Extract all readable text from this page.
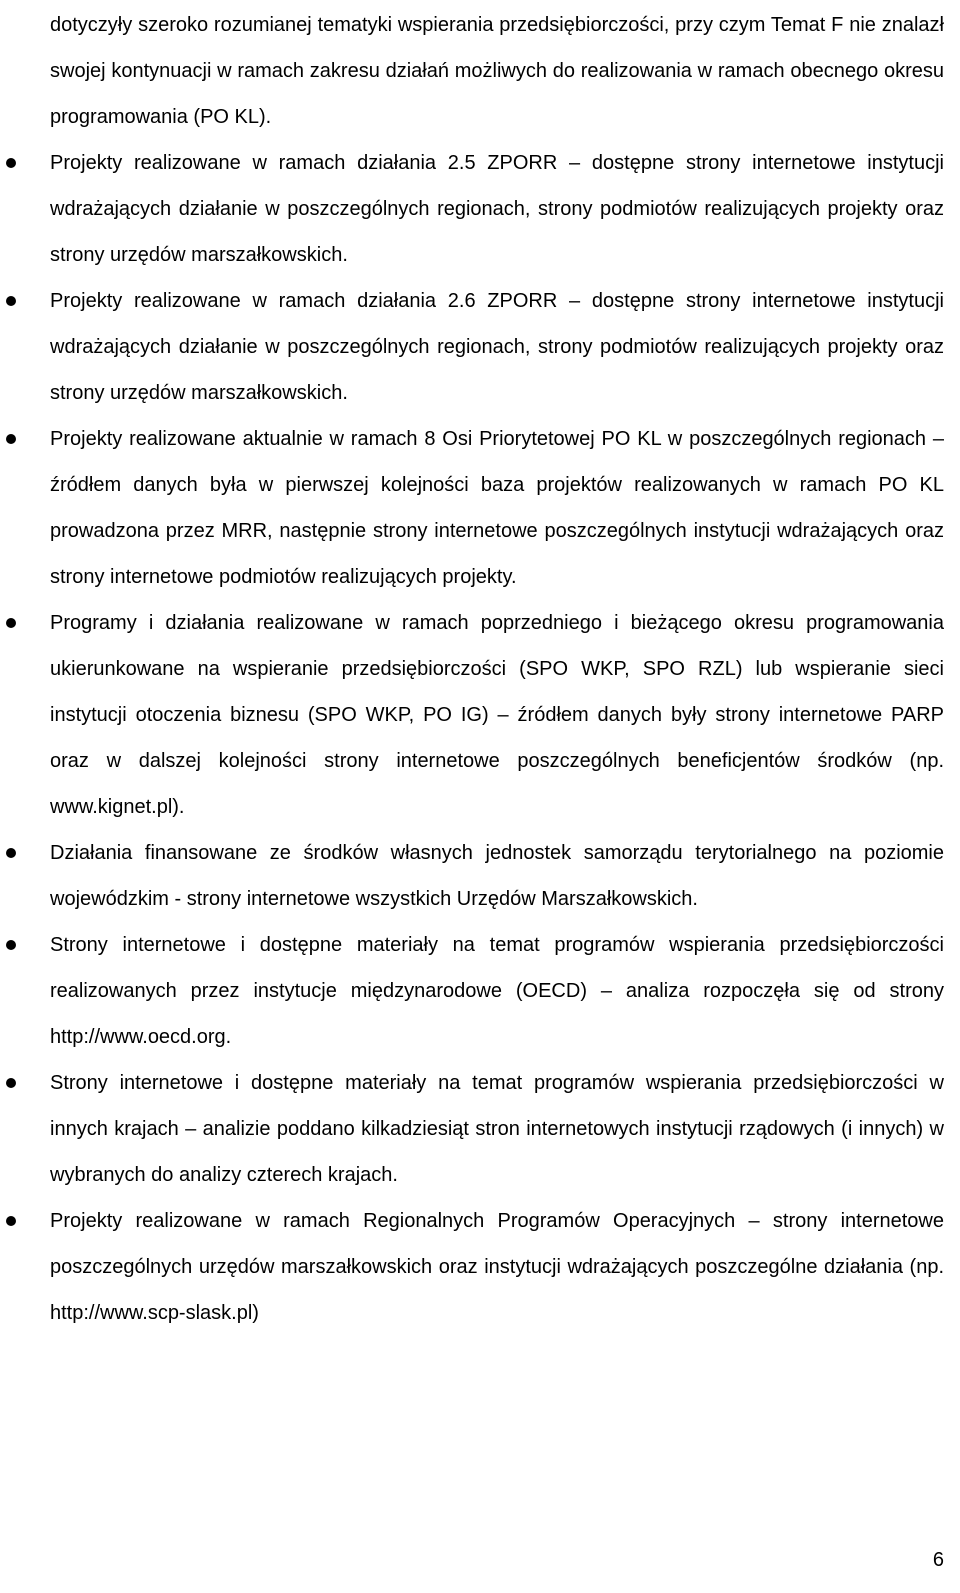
dotyczyły szeroko rozumianej tematyki wspierania przedsiębiorczości, przy czym Temat F nie znalazł swojej kontynuacji w ramach zakresu działań możliwych do realizowania w ramach obecnego okresu programowania (PO KL).

Projekty realizowane w ramach działania 2.5 ZPORR – dostępne strony internetowe instytucji wdrażających działanie w poszczególnych regionach, strony podmiotów realizujących projekty oraz strony urzędów marszałkowskich.
Projekty realizowane w ramach działania 2.6 ZPORR – dostępne strony internetowe instytucji wdrażających działanie w poszczególnych regionach, strony podmiotów realizujących projekty oraz strony urzędów marszałkowskich.
Projekty realizowane aktualnie w ramach 8 Osi Priorytetowej PO KL w poszczególnych regionach – źródłem danych była w pierwszej kolejności baza projektów realizowanych w ramach PO KL prowadzona przez MRR, następnie strony internetowe poszczególnych instytucji wdrażających oraz strony internetowe podmiotów realizujących projekty.
Programy i działania realizowane w ramach poprzedniego i bieżącego okresu programowania ukierunkowane na wspieranie przedsiębiorczości (SPO WKP, SPO RZL) lub wspieranie sieci instytucji otoczenia biznesu (SPO WKP, PO IG) – źródłem danych były strony internetowe PARP oraz w dalszej kolejności strony internetowe poszczególnych beneficjentów środków (np. www.kignet.pl).
Działania finansowane ze środków własnych jednostek samorządu terytorialnego na poziomie wojewódzkim - strony internetowe wszystkich Urzędów Marszałkowskich.
Strony internetowe i dostępne materiały na temat programów wspierania przedsiębiorczości realizowanych przez instytucje międzynarodowe (OECD) – analiza rozpoczęła się od strony http://www.oecd.org.
Strony internetowe i dostępne materiały na temat programów wspierania przedsiębiorczości w innych krajach – analizie poddano kilkadziesiąt stron internetowych instytucji rządowych (i innych) w wybranych do analizy czterech krajach.
Projekty realizowane w ramach Regionalnych Programów Operacyjnych – strony internetowe poszczególnych urzędów marszałkowskich oraz instytucji wdrażających poszczególne działania (np. http://www.scp-slask.pl)
6
